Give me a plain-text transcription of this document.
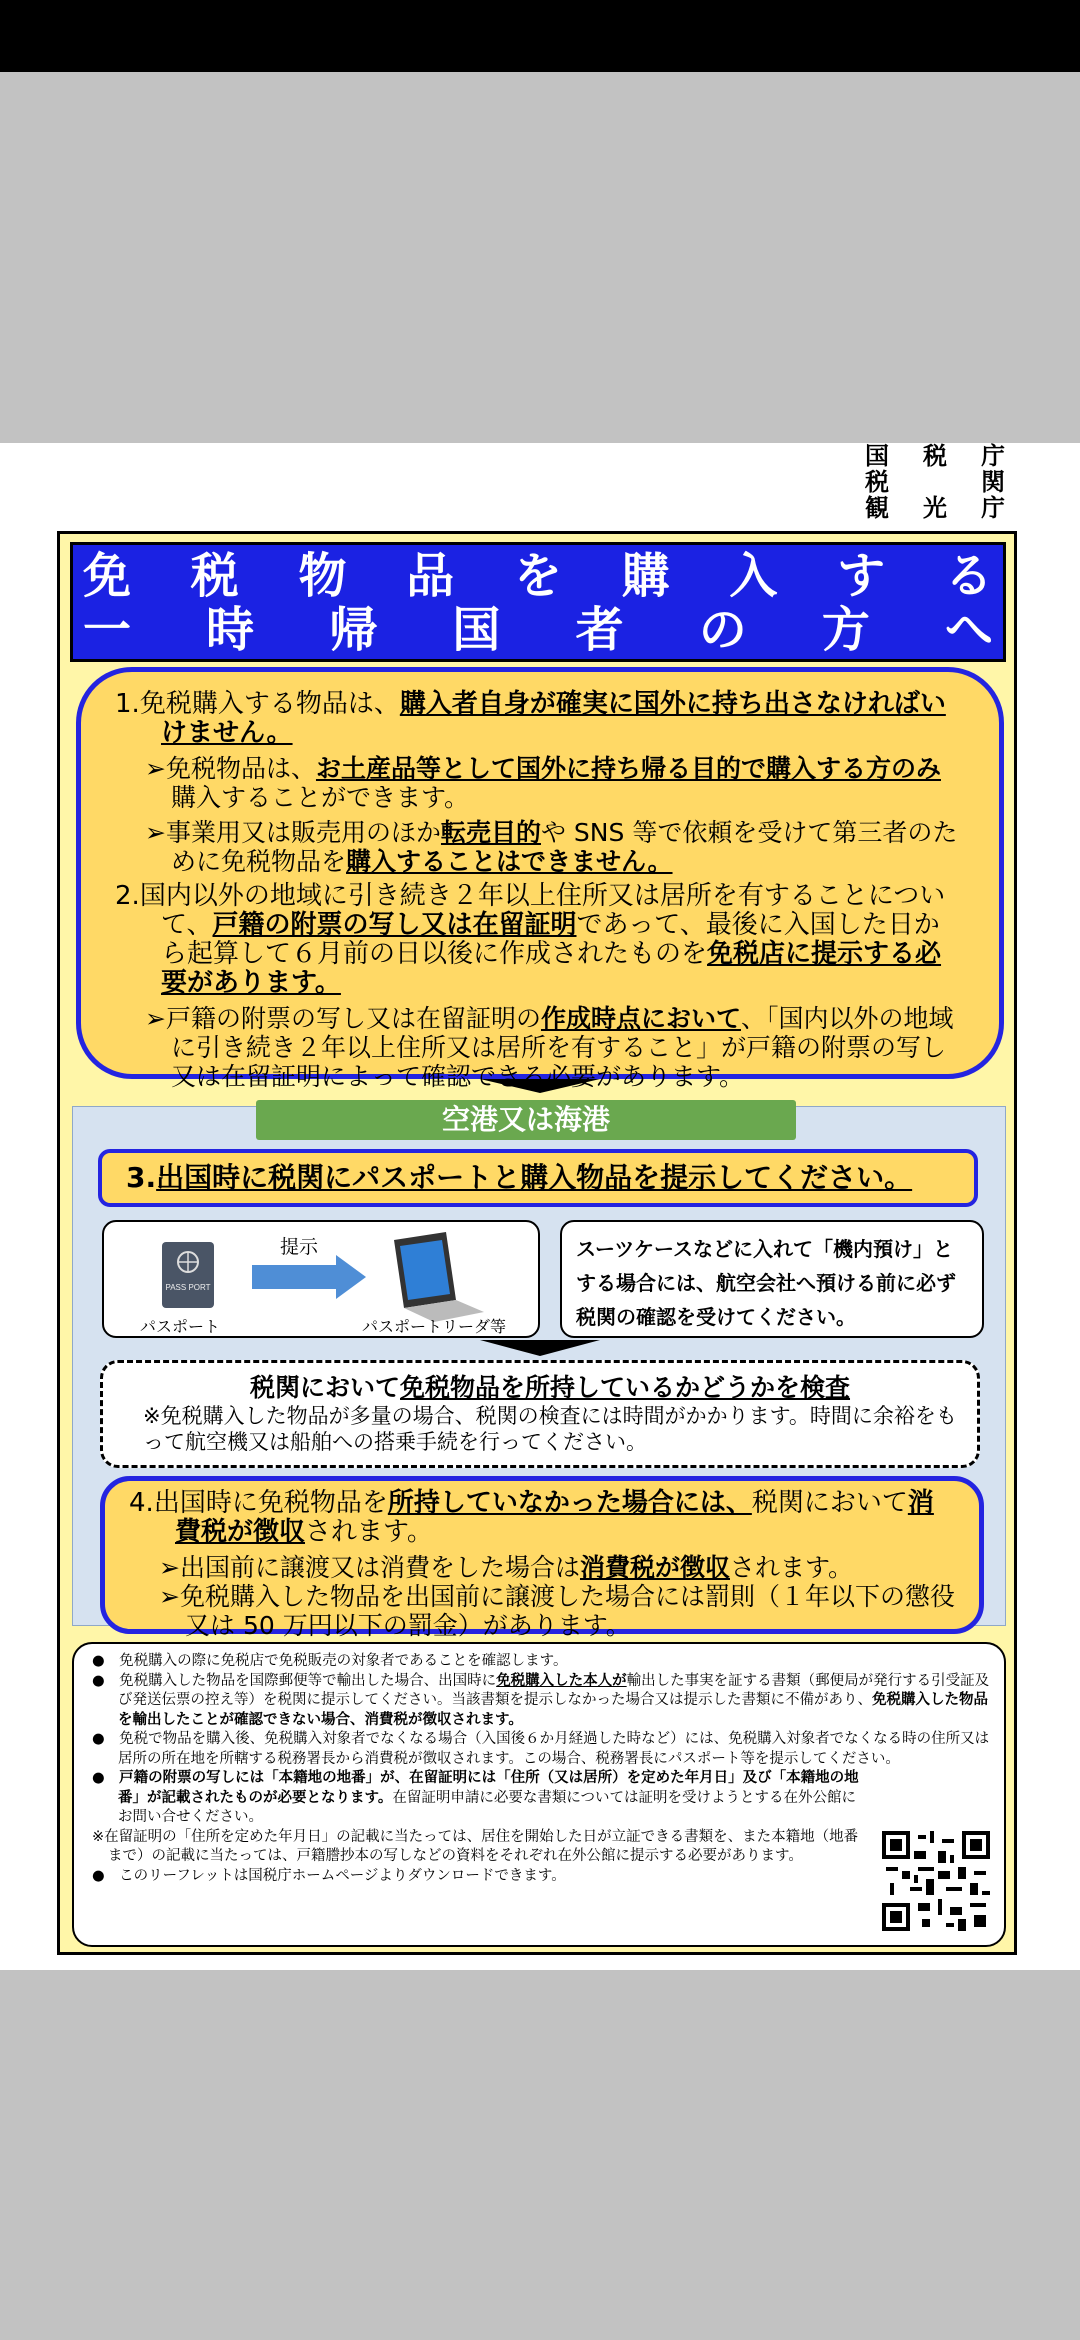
国 税 庁
税	関
観 光 庁
免 税 物 品 を 購 入 す る
一 時 帰 国 者 の 方 へ

1.免税購入する物品は、購入者自身が確実に国外に持ち出さなければいけません。

➢免税物品は、お土産品等として国外に持ち帰る目的で購入する方のみ購入することができます。

➢事業用又は販売用のほか転売目的や SNS 等で依頼を受けて第三者のために免税物品を購入することはできません。

2.国内以外の地域に引き続き２年以上住所又は居所を有することについて、戸籍の附票の写し又は在留証明であって、最後に入国した日から起算して６月前の日以後に作成されたものを免税店に提示する必要があります。

➢戸籍の附票の写し又は在留証明の作成時点において、「国内以外の地域に引き続き２年以上住所又は居所を有すること」が戸籍の附票の写し又は在留証明によって確認できる必要があります。

空港又は海港
3.出国時に税関にパスポートと購入物品を提示してください。
PASS PORT
提示
パスポート	パスポートリーダ等
スーツケースなどに入れて「機内預け」とする場合には、航空会社へ預ける前に必ず税関の確認を受けてください。
税関において免税物品を所持しているかどうかを検査
※免税購入した物品が多量の場合、税関の検査には時間がかかります。時間に余裕をもって航空機又は船舶への搭乗手続を行ってください。

4.出国時に免税物品を所持していなかった場合には、税関において消費税が徴収されます。

➢出国前に譲渡又は消費をした場合は消費税が徴収されます。

➢免税購入した物品を出国前に譲渡した場合には罰則（１年以下の懲役又は 50 万円以下の罰金）があります。

●　 免税購入の際に免税店で免税販売の対象者であることを確認します。
●　 免税購入した物品を国際郵便等で輸出した場合、出国時に免税購入した本人が輸出した事実を証する書類（郵便局が発行する引受証及び発送伝票の控え等）を税関に提示してください。当該書類を提示しなかった場合又は提示した書類に不備があり、免税購入した物品を輸出したことが確認できない場合、消費税が徴収されます。
●　 免税で物品を購入後、免税購入対象者でなくなる場合（入国後６か月経過した時など）には、免税購入対象者でなくなる時の住所又は居所の所在地を所轄する税務署長から消費税が徴収されます。この場合、税務署長にパスポート等を提示してください。
●　 戸籍の附票の写しには「本籍地の地番」が、在留証明には「住所（又は居所）を定めた年月日」及び「本籍地の地番」が記載されたものが必要となります。在留証明申請に必要な書類については証明を受けようとする在外公館にお問い合せください。
※在留証明の「住所を定めた年月日」の記載に当たっては、居住を開始した日が立証できる書類を、また本籍地（地番まで）の記載に当たっては、戸籍謄抄本の写しなどの資料をそれぞれ在外公館に提示する必要があります。
●　 このリーフレットは国税庁ホームページよりダウンロードできます。
